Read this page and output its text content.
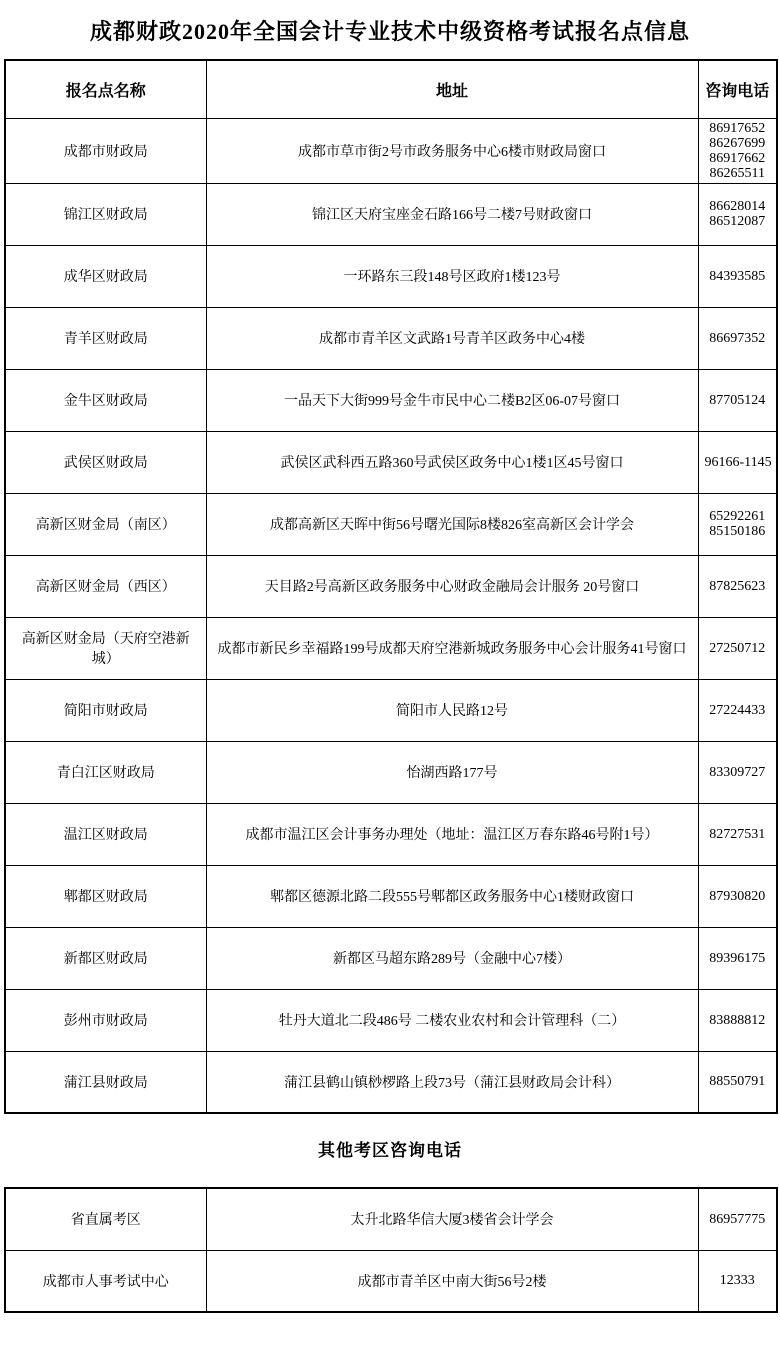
成都财政2020年全国会计专业技术中级资格考试报名点信息
报名点名称	地址	咨询电话
成都市财政局	成都市草市街2号市政务服务中心6楼市财政局窗口	86917652
86267699
86917662
86265511

锦江区财政局	锦江区天府宝座金石路166号二楼7号财政窗口	86628014
86512087

成华区财政局	一环路东三段148号区政府1楼123号	84393585

青羊区财政局	成都市青羊区文武路1号青羊区政务中心4楼	86697352

金牛区财政局	一品天下大街999号金牛市民中心二楼B2区06-07号窗口	87705124

武侯区财政局	武侯区武科西五路360号武侯区政务中心1楼1区45号窗口	96166-1145

高新区财金局（南区）	成都高新区天晖中街56号曙光国际8楼826室高新区会计学会	65292261
85150186

高新区财金局（西区）	天目路2号高新区政务服务中心财政金融局会计服务 20号窗口	87825623

高新区财金局（天府空港新城）	成都市新民乡幸福路199号成都天府空港新城政务服务中心会计服务41号窗口	27250712

简阳市财政局	简阳市人民路12号	27224433

青白江区财政局	怡湖西路177号	83309727

温江区财政局	成都市温江区会计事务办理处（地址：温江区万春东路46号附1号）	82727531

郫都区财政局	郫都区德源北路二段555号郫都区政务服务中心1楼财政窗口	87930820

新都区财政局	新都区马超东路289号（金融中心7楼）	89396175

彭州市财政局	牡丹大道北二段486号 二楼农业农村和会计管理科（二）	83888812

蒲江县财政局	蒲江县鹤山镇桫椤路上段73号（蒲江县财政局会计科）	88550791
其他考区咨询电话
省直属考区	太升北路华信大厦3楼省会计学会	86957775

成都市人事考试中心	成都市青羊区中南大街56号2楼	12333
